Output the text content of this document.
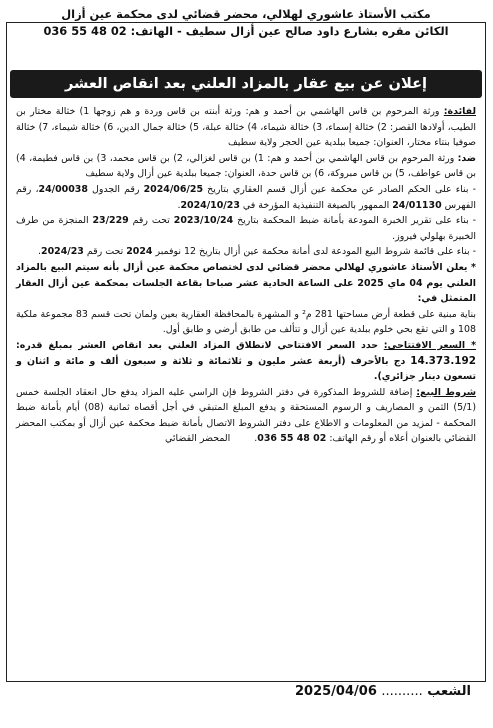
مكتب الأستاذ عاشوري لهلالي، محضر قضائي لدى محكمة عين أزال
الكائن مقره بشارع داود صالح عين أزال سطيف - الهاتف: 02 48 55 036
إعلان عن بيع عقار بالمزاد العلني بعد انقاص العشر

لفائدة: ورثة المرحوم بن قاس الهاشمي بن أحمد و هم: ورثة أبنته بن قاس وردة و هم زوجها 1) خثالة مختار بن الطيب، أولادها القصر: 2) خثالة إسماء، 3) خثالة شيماء، 4) خثالة عبلة، 5) خثالة جمال الدين، 6) خثالة شيماء، 7) خثالة صوفيا بنتاء مختار، العنوان: جميعا ببلدية عين الحجر ولاية سطيف

ضد: ورثة المرحوم بن قاس الهاشمي بن أحمد و هم: 1) بن قاس لغزالي، 2) بن قاس محمد، 3) بن قاس فطيمة، 4) بن قاس عواطف، 5) بن قاس مبروكة، 6) بن قاس حدة، العنوان: جميعا ببلدية عين أزال ولاية سطيف

- بناء على الحكم الصادر عن محكمة عين أزال قسم العقاري بتاريخ 2024/06/25 رقم الجدول 24/00038، رقم الفهرس 24/01130 الممهور بالصيغة التنفيذية المؤرخة في 2024/10/23.

- بناء على تقرير الخبرة المودعة بأمانة ضبط المحكمة بتاريخ 2023/10/24 تحت رقم 23/229 المنجزة من طرف الخبيرة بهلولي فيروز.

- بناء على قائمة شروط البيع المودعة لدى أمانة محكمة عين أزال بتاريخ 12 نوفمبر 2024 تحت رقم 2024/23.

* يعلن الأستاذ عاشوري لهلالي محضر قضائي لدى لختصاص محكمة عين أزال بأنه سيتم البيع بالمزاد العلني يوم 04 ماي 2025 على الساعة الحادية عشر صباحا بقاعة الجلسات بمحكمة عين أزال العقار المتمثل في:

بناية مبنية على قطعة أرض مساحتها 281 م² و المشهرة بالمحافظة العقارية بعين ولمان تحت قسم 83 مجموعة ملكية 108 و التي تقع بحي خلوم ببلدية عين أزال و تتألف من طابق أرضي و طابق أول.

* السعر الافتتاحي: حدد السعر الافتتاحي لانطلاق المزاد العلني بعد انقاص العشر بمبلغ قدره: 14.373.192 دج بالأحرف (أربعة عشر مليون و ثلاثمائة و ثلاثة و سبعون ألف و مائة و اثنان و تسعون دينار جزائري).

شروط البيع: إضافة للشروط المذكورة في دفتر الشروط فإن الراسي عليه المزاد يدفع حال انعقاد الجلسة خمس (5/1) الثمن و المصاريف و الرسوم المستحقة و يدفع المبلغ المتبقي في أجل أقصاه ثمانية (08) أيام بأمانة ضبط المحكمة - لمزيد من المعلومات و الاطلاع على دفتر الشروط الاتصال بأمانة ضبط محكمة عين أزال أو بمكتب المحضر القضائي بالعنوان أعلاه أو رقم الهاتف: 02 48 55 036.  المحضر القضائي

2025/04/06 .......... الشعب
